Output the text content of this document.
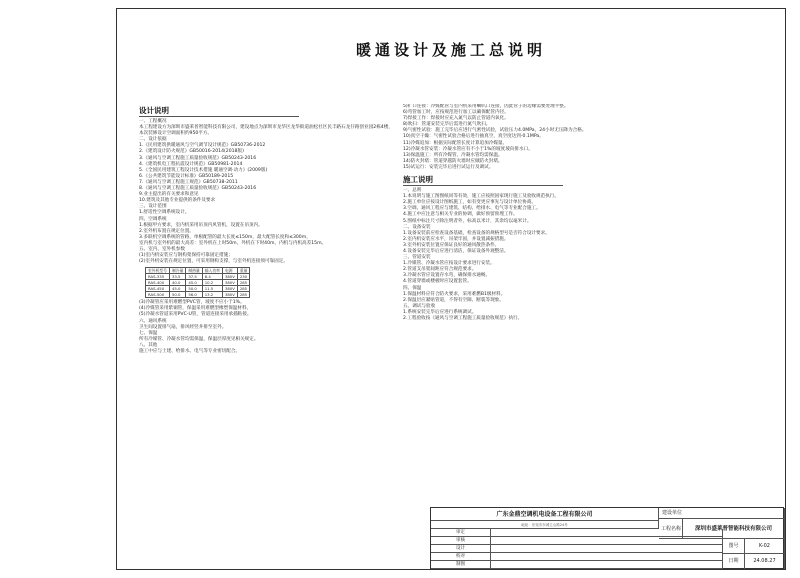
暖通设计及施工总说明
设计说明
一、工程概况
本工程建设方为深圳市盛莱普智能科技有限公司，建设地点为深圳市龙华区龙华街道油松社区民丰路石龙仔路创业园2栋4楼，
本次装修设计空调面积约950平方。
二、设计依据
1.《民用建筑供暖通风与空气调节设计规范》GB50736-2012
2.《建筑设计防火规范》GB50016-2014(2018版)
3.《通风与空调工程施工质量验收规范》GB50243-2016
4.《建筑机电工程抗震设计规范》GB50981-2014
5.《全国民用建筑工程设计技术措施 暖通空调·动力》(2009版)
6.《公共建筑节能设计标准》GB50189-2015
7.《通风与空调工程施工规范》GB50738-2011
8.《通风与空调工程施工质量验收规范》GB50243-2016
9.业主提出的有关要求和意见
10.建筑及其他专业提供的条件及要求
三、设计范围
1.舒适性空调系统设计。
四、空调系统
1.根据甲方要求，室内机采用吊顶内风管机，设置在吊顶内。
2.室外机布置在规定位置。
3.多联机空调系统的管路，单根配管的最大长度≤150m，最大配管长度和≤300m，
室内机与室外机的最大高差：室外机在上时50m，外机在下时40m，内机与内机高差15m。
五、室内、室外机参数
(1)室内机安装应与钢构架保持可靠固定措施；
(2)室外机安装在规定位置，可采用钢构支撑，与室外机连接须可靠固定。
室外机型号	制冷量	制热量	输入功率	电源	重量
RAS-335	33.5	37.5	8.4	380V	230
RAS-400	40.0	45.0	10.2	380V	285
RAS-450	45.0	50.0	11.5	380V	285
RAS-500	50.0	56.0	13.2	380V	285
(3)冷凝管应采用难燃型PVC管，坡度不应小于1%。
(4)冷媒管采用紫铜管，保温采用难燃型橡塑保温材料。
(5)冷凝水管道采用PVC-U管，管道连接采用承插粘接。
六、通风系统
卫生间设置排气扇，排风经竖井排至室外。
七、保温
所有冷媒管、冷凝水管均需保温，保温层厚度见相关规定。
八、其他
施工中应与土建、给排水、电气等专业密切配合。
5)扩口连接：冷媒配管与室内机采用喇叭口连接，因此管子的边缘需要处理平整。
6)弯管加工时，应按规范进行加工以确保配管内径。
7)焊接工作：焊接时应充入氮气以防止管道内氧化。
8)吹扫：管道安装完毕后需进行氮气吹扫。
9)气密性试验：施工完毕后应进行气密性试验，试验压力4.0MPa，24小时无压降为合格。
10)真空干燥：气密性试验合格后进行抽真空，真空度达到-0.1MPa。
11)冷媒追加：根据实际配管长度计算追加冷媒量。
12)冷凝水管安装：冷凝水管应有不小于1%的坡度坡向排水口。
13)保温施工：所有冷媒管、冷凝水管均需保温。
14)防火封堵：管道穿越防火墙时应做防火封堵。
15)试运行：安装完毕后进行试运行及调试。
施工说明
一、总则
1.本说明与施工图图纸同等有效，施工应按照国家现行施工及验收规范执行。
2.施工单位应按设计图纸施工，如有变更应事先与设计单位协商。
3.空调、通风工程应与建筑、结构、给排水、电气等专业配合施工。
4.施工中应注意与相关专业的协调，做好预留预埋工作。
5.图纸中标注尺寸除注明者外，标高以米计，其余均以毫米计。
二、设备安装
1.设备安装前应检查设备基础，检查设备的规格型号是否符合设计要求。
2.室内机安装应水平，吊架牢固，并设置减振措施。
3.室外机安装位置应保证良好的通风散热条件。
4.设备安装完毕后应进行清洁，保证设备外观整洁。
三、管道安装
1.冷媒管、冷凝水管应按设计要求进行安装。
2.管道支吊架间距应符合规范要求。
3.冷凝水管应设置存水弯，确保排水通畅。
4.管道穿墙或楼板时应设置套管。
四、保温
1.保温材料应符合防火要求，采用难燃B1级材料。
2.保温层应紧贴管道，不得有空隙、断裂等现象。
五、调试与验收
1.系统安装完毕后应进行系统调试。
2.工程验收按《通风与空调工程施工质量验收规范》执行。
广东金鼎空调机电设备工程有限公司
地址：东莞市东城主山路24号
建设单位
工程名称	深圳市盛莱普智能科技有限公司
审定
审核
设计
校对
制图
图号	K-02
日期	24.08.27
